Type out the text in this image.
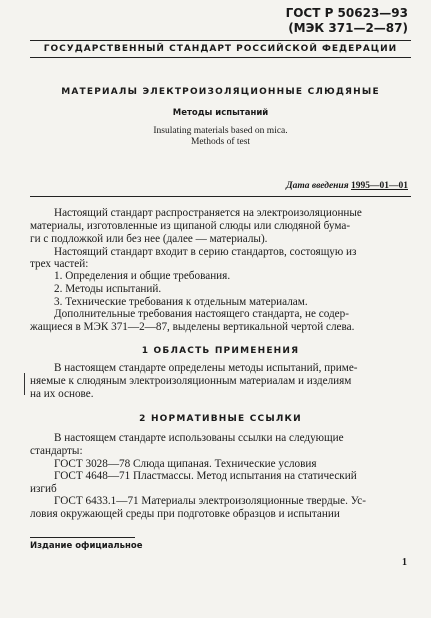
ГОСТ Р 50623—93
(МЭК 371—2—87)
ГОСУДАРСТВЕННЫЙ СТАНДАРТ РОССИЙСКОЙ ФЕДЕРАЦИИ
МАТЕРИАЛЫ ЭЛЕКТРОИЗОЛЯЦИОННЫЕ СЛЮДЯНЫЕ
Методы испытаний
Insulating materials based on mica.
Methods of test
Дата введения 1995—01—01
Настоящий стандарт распространяется на электроизоляционные
материалы, изготовленные из щипаной слюды или слюдяной бума-
ги с подложкой или без нее (далее — материалы).
Настоящий стандарт входит в серию стандартов, состоящую из
трех частей:
1. Определения и общие требования.
2. Методы испытаний.
3. Технические требования к отдельным материалам.
Дополнительные требования настоящего стандарта, не содер-
жащиеся в МЭК 371—2—87, выделены вертикальной чертой слева.
1 ОБЛАСТЬ ПРИМЕНЕНИЯ
В настоящем стандарте определены методы испытаний, приме-
няемые к слюдяным электроизоляционным материалам и изделиям
на их основе.
2 НОРМАТИВНЫЕ ССЫЛКИ
В настоящем стандарте использованы ссылки на следующие
стандарты:
ГОСТ 3028—78 Слюда щипаная. Технические условия
ГОСТ 4648—71 Пластмассы. Метод испытания на статический
изгиб
ГОСТ 6433.1—71 Материалы электроизоляционные твердые. Ус-
ловия окружающей среды при подготовке образцов и испытании
Издание официальное
1
